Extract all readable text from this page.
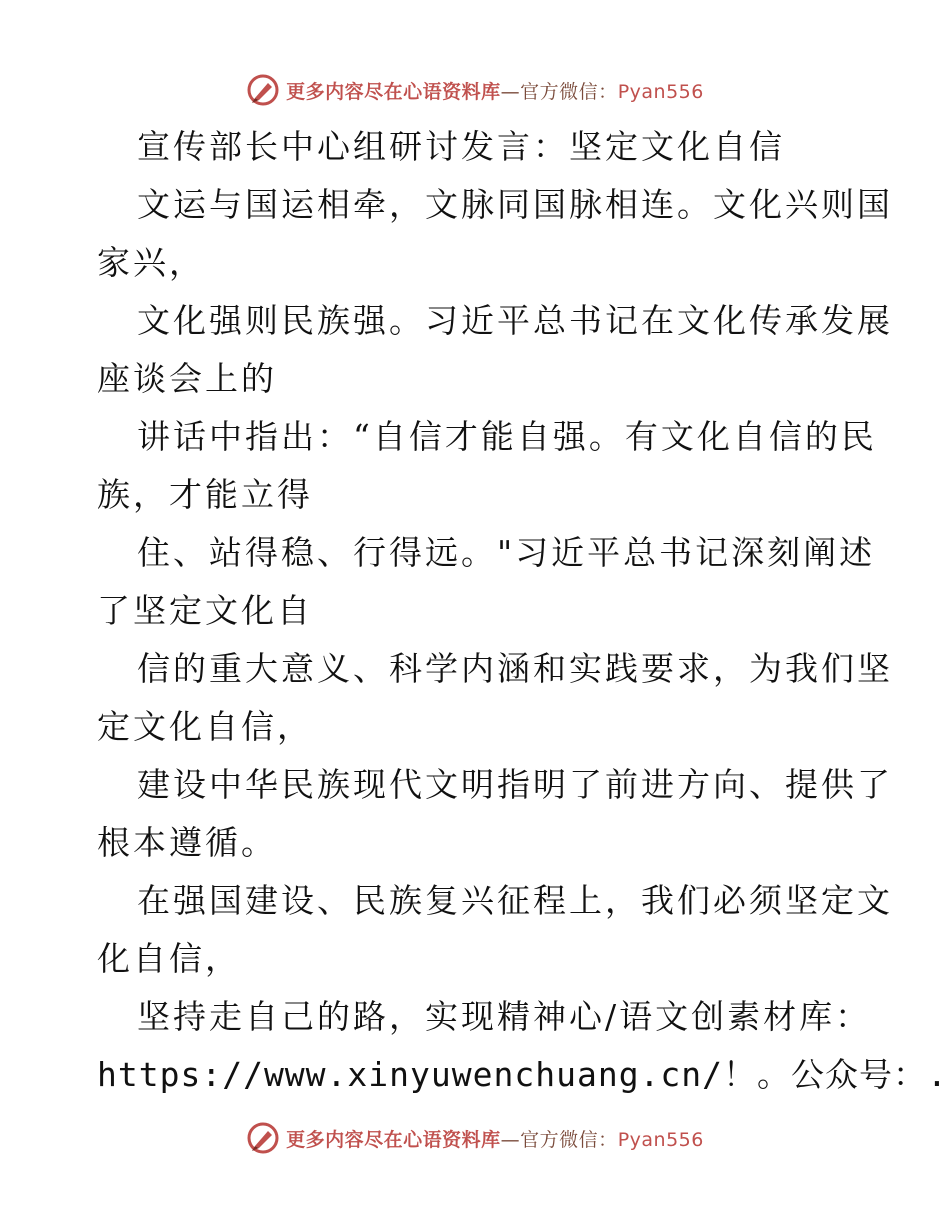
更多内容尽在心语资料库—官方微信：Pyan556
宣传部长中心组研讨发言：坚定文化自信
文运与国运相牵，文脉同国脉相连。文化兴则国
家兴，
文化强则民族强。习近平总书记在文化传承发展
座谈会上的
讲话中指出：“自信才能自强。有文化自信的民
族，才能立得
住、站得稳、行得远。"习近平总书记深刻阐述
了坚定文化自
信的重大意义、科学内涵和实践要求，为我们坚
定文化自信，
建设中华民族现代文明指明了前进方向、提供了
根本遵循。
在强国建设、民族复兴征程上，我们必须坚定文
化自信，
坚持走自己的路，实现精神心/语文创素材库：
https://www.xinyuwenchuang.cn/！。公众号：.
更多内容尽在心语资料库—官方微信：Pyan556
